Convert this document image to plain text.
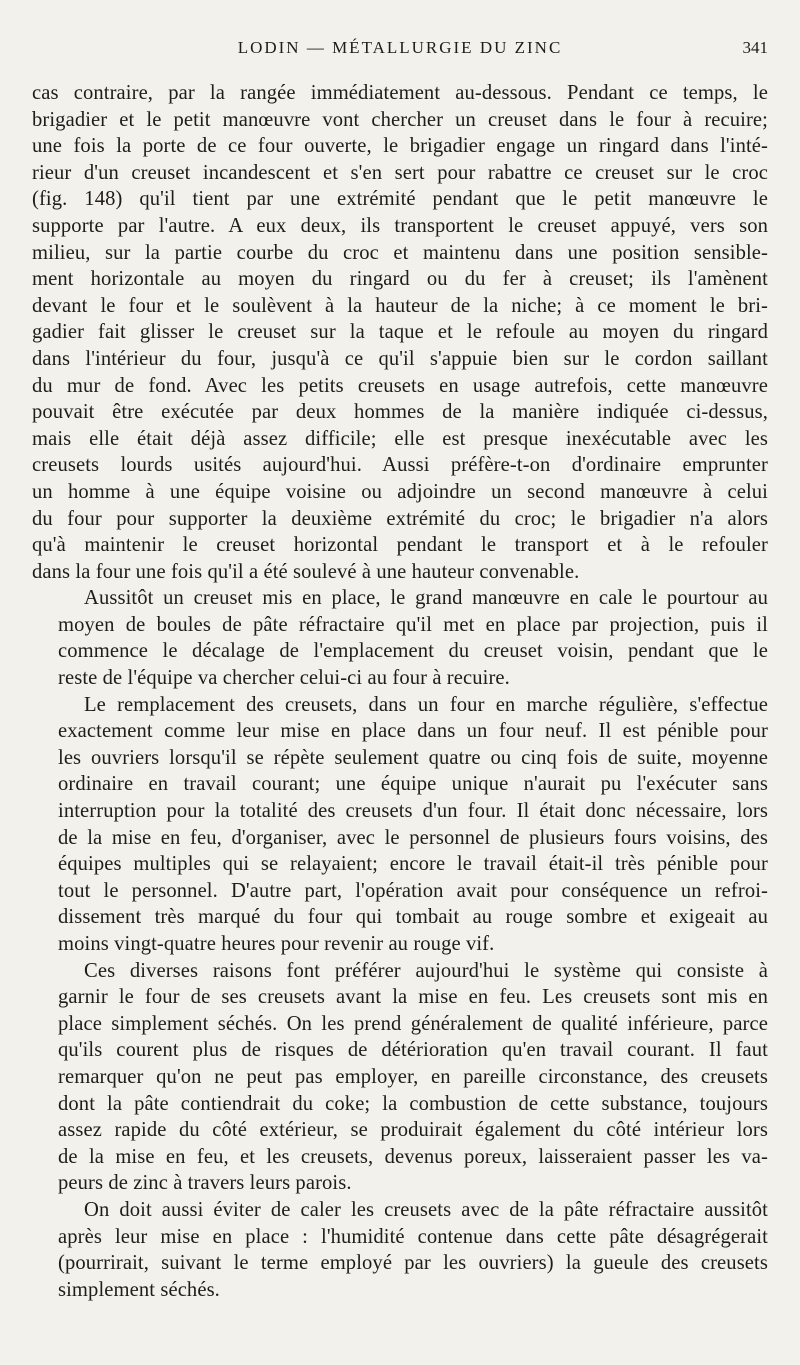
LODIN — MÉTALLURGIE DU ZINC	341
cas contraire, par la rangée immédiatement au-dessous. Pendant ce temps, le
brigadier et le petit manœuvre vont chercher un creuset dans le four à recuire;
une fois la porte de ce four ouverte, le brigadier engage un ringard dans l'inté-
rieur d'un creuset incandescent et s'en sert pour rabattre ce creuset sur le croc
(fig. 148) qu'il tient par une extrémité pendant que le petit manœuvre le
supporte par l'autre. A eux deux, ils transportent le creuset appuyé, vers son
milieu, sur la partie courbe du croc et maintenu dans une position sensible-
ment horizontale au moyen du ringard ou du fer à creuset; ils l'amènent
devant le four et le soulèvent à la hauteur de la niche; à ce moment le bri-
gadier fait glisser le creuset sur la taque et le refoule au moyen du ringard
dans l'intérieur du four, jusqu'à ce qu'il s'appuie bien sur le cordon saillant
du mur de fond. Avec les petits creusets en usage autrefois, cette manœuvre
pouvait être exécutée par deux hommes de la manière indiquée ci-dessus,
mais elle était déjà assez difficile; elle est presque inexécutable avec les
creusets lourds usités aujourd'hui. Aussi préfère-t-on d'ordinaire emprunter
un homme à une équipe voisine ou adjoindre un second manœuvre à celui
du four pour supporter la deuxième extrémité du croc; le brigadier n'a alors
qu'à maintenir le creuset horizontal pendant le transport et à le refouler
dans la four une fois qu'il a été soulevé à une hauteur convenable.
Aussitôt un creuset mis en place, le grand manœuvre en cale le pourtour au
moyen de boules de pâte réfractaire qu'il met en place par projection, puis il
commence le décalage de l'emplacement du creuset voisin, pendant que le
reste de l'équipe va chercher celui-ci au four à recuire.
Le remplacement des creusets, dans un four en marche régulière, s'effectue
exactement comme leur mise en place dans un four neuf. Il est pénible pour
les ouvriers lorsqu'il se répète seulement quatre ou cinq fois de suite, moyenne
ordinaire en travail courant; une équipe unique n'aurait pu l'exécuter sans
interruption pour la totalité des creusets d'un four. Il était donc nécessaire, lors
de la mise en feu, d'organiser, avec le personnel de plusieurs fours voisins, des
équipes multiples qui se relayaient; encore le travail était-il très pénible pour
tout le personnel. D'autre part, l'opération avait pour conséquence un refroi-
dissement très marqué du four qui tombait au rouge sombre et exigeait au
moins vingt-quatre heures pour revenir au rouge vif.
Ces diverses raisons font préférer aujourd'hui le système qui consiste à
garnir le four de ses creusets avant la mise en feu. Les creusets sont mis en
place simplement séchés. On les prend généralement de qualité inférieure, parce
qu'ils courent plus de risques de détérioration qu'en travail courant. Il faut
remarquer qu'on ne peut pas employer, en pareille circonstance, des creusets
dont la pâte contiendrait du coke; la combustion de cette substance, toujours
assez rapide du côté extérieur, se produirait également du côté intérieur lors
de la mise en feu, et les creusets, devenus poreux, laisseraient passer les va-
peurs de zinc à travers leurs parois.
On doit aussi éviter de caler les creusets avec de la pâte réfractaire aussitôt
après leur mise en place : l'humidité contenue dans cette pâte désagrégerait
(pourrirait, suivant le terme employé par les ouvriers) la gueule des creusets
simplement séchés.
